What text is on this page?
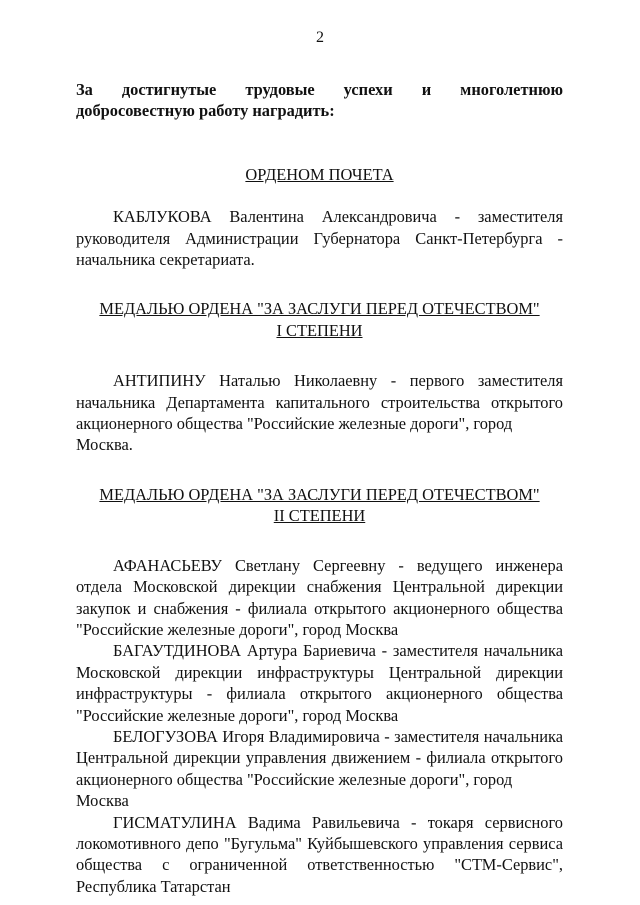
2
За достигнутые трудовые успехи и многолетнюю
добросовестную работу наградить:
ОРДЕНОМ ПОЧЕТА
КАБЛУКОВА Валентина Александровича - заместителя
руководителя Администрации Губернатора Санкт-Петербурга -
начальника секретариата.
МЕДАЛЬЮ ОРДЕНА "ЗА ЗАСЛУГИ ПЕРЕД ОТЕЧЕСТВОМ"
I СТЕПЕНИ
АНТИПИНУ Наталью Николаевну - первого заместителя
начальника Департамента капитального строительства открытого
акционерного общества "Российские железные дороги", город Москва.
МЕДАЛЬЮ ОРДЕНА "ЗА ЗАСЛУГИ ПЕРЕД ОТЕЧЕСТВОМ"
II СТЕПЕНИ
АФАНАСЬЕВУ Светлану Сергеевну - ведущего инженера
отдела Московской дирекции снабжения Центральной дирекции
закупок и снабжения - филиала открытого акционерного общества
"Российские железные дороги", город Москва
БАГАУТДИНОВА Артура Бариевича - заместителя начальника
Московской дирекции инфраструктуры Центральной дирекции
инфраструктуры - филиала открытого акционерного общества
"Российские железные дороги", город Москва
БЕЛОГУЗОВА Игоря Владимировича - заместителя начальника
Центральной дирекции управления движением - филиала открытого
акционерного общества "Российские железные дороги", город Москва
ГИСМАТУЛИНА Вадима Равильевича - токаря сервисного
локомотивного депо "Бугульма" Куйбышевского управления сервиса
общества с ограниченной ответственностью "СТМ-Сервис",
Республика Татарстан
